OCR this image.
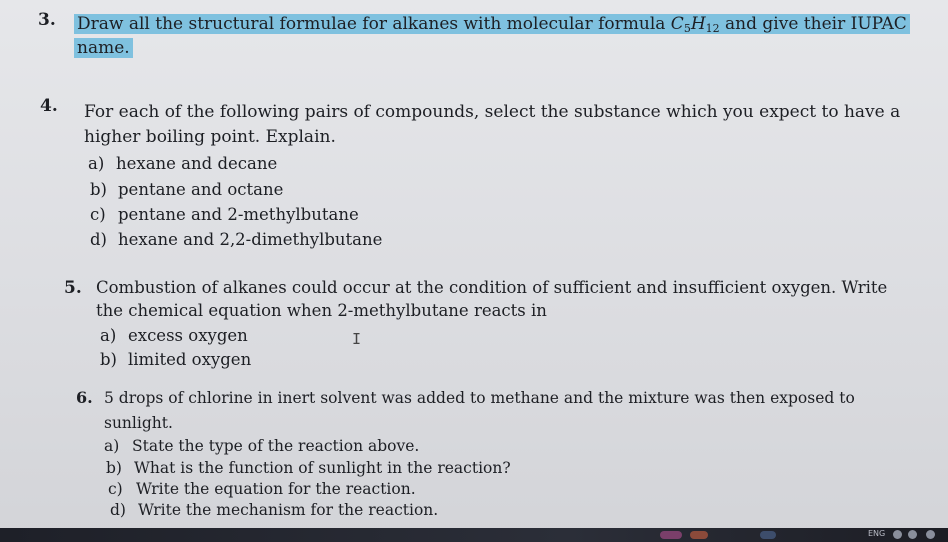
3. Draw all the structural formulae for alkanes with molecular formula $C_5H_{12}$ and give their IUPAC
name.
4. For each of the following pairs of compounds, select the substance which you expect to have a
higher boiling point. Explain.
a) hexane and decane
b) pentane and octane
c) pentane and 2-methylbutane
d) hexane and 2,2-dimethylbutane
5. Combustion of alkanes could occur at the condition of sufficient and insufficient oxygen. Write
the chemical equation when 2-methylbutane reacts in
a) excess oxygen
b) limited oxygen
I
6. 5 drops of chlorine in inert solvent was added to methane and the mixture was then exposed to
sunlight.
a) State the type of the reaction above.
b) What is the function of sunlight in the reaction?
c) Write the equation for the reaction.
d) Write the mechanism for the reaction.
ENG
